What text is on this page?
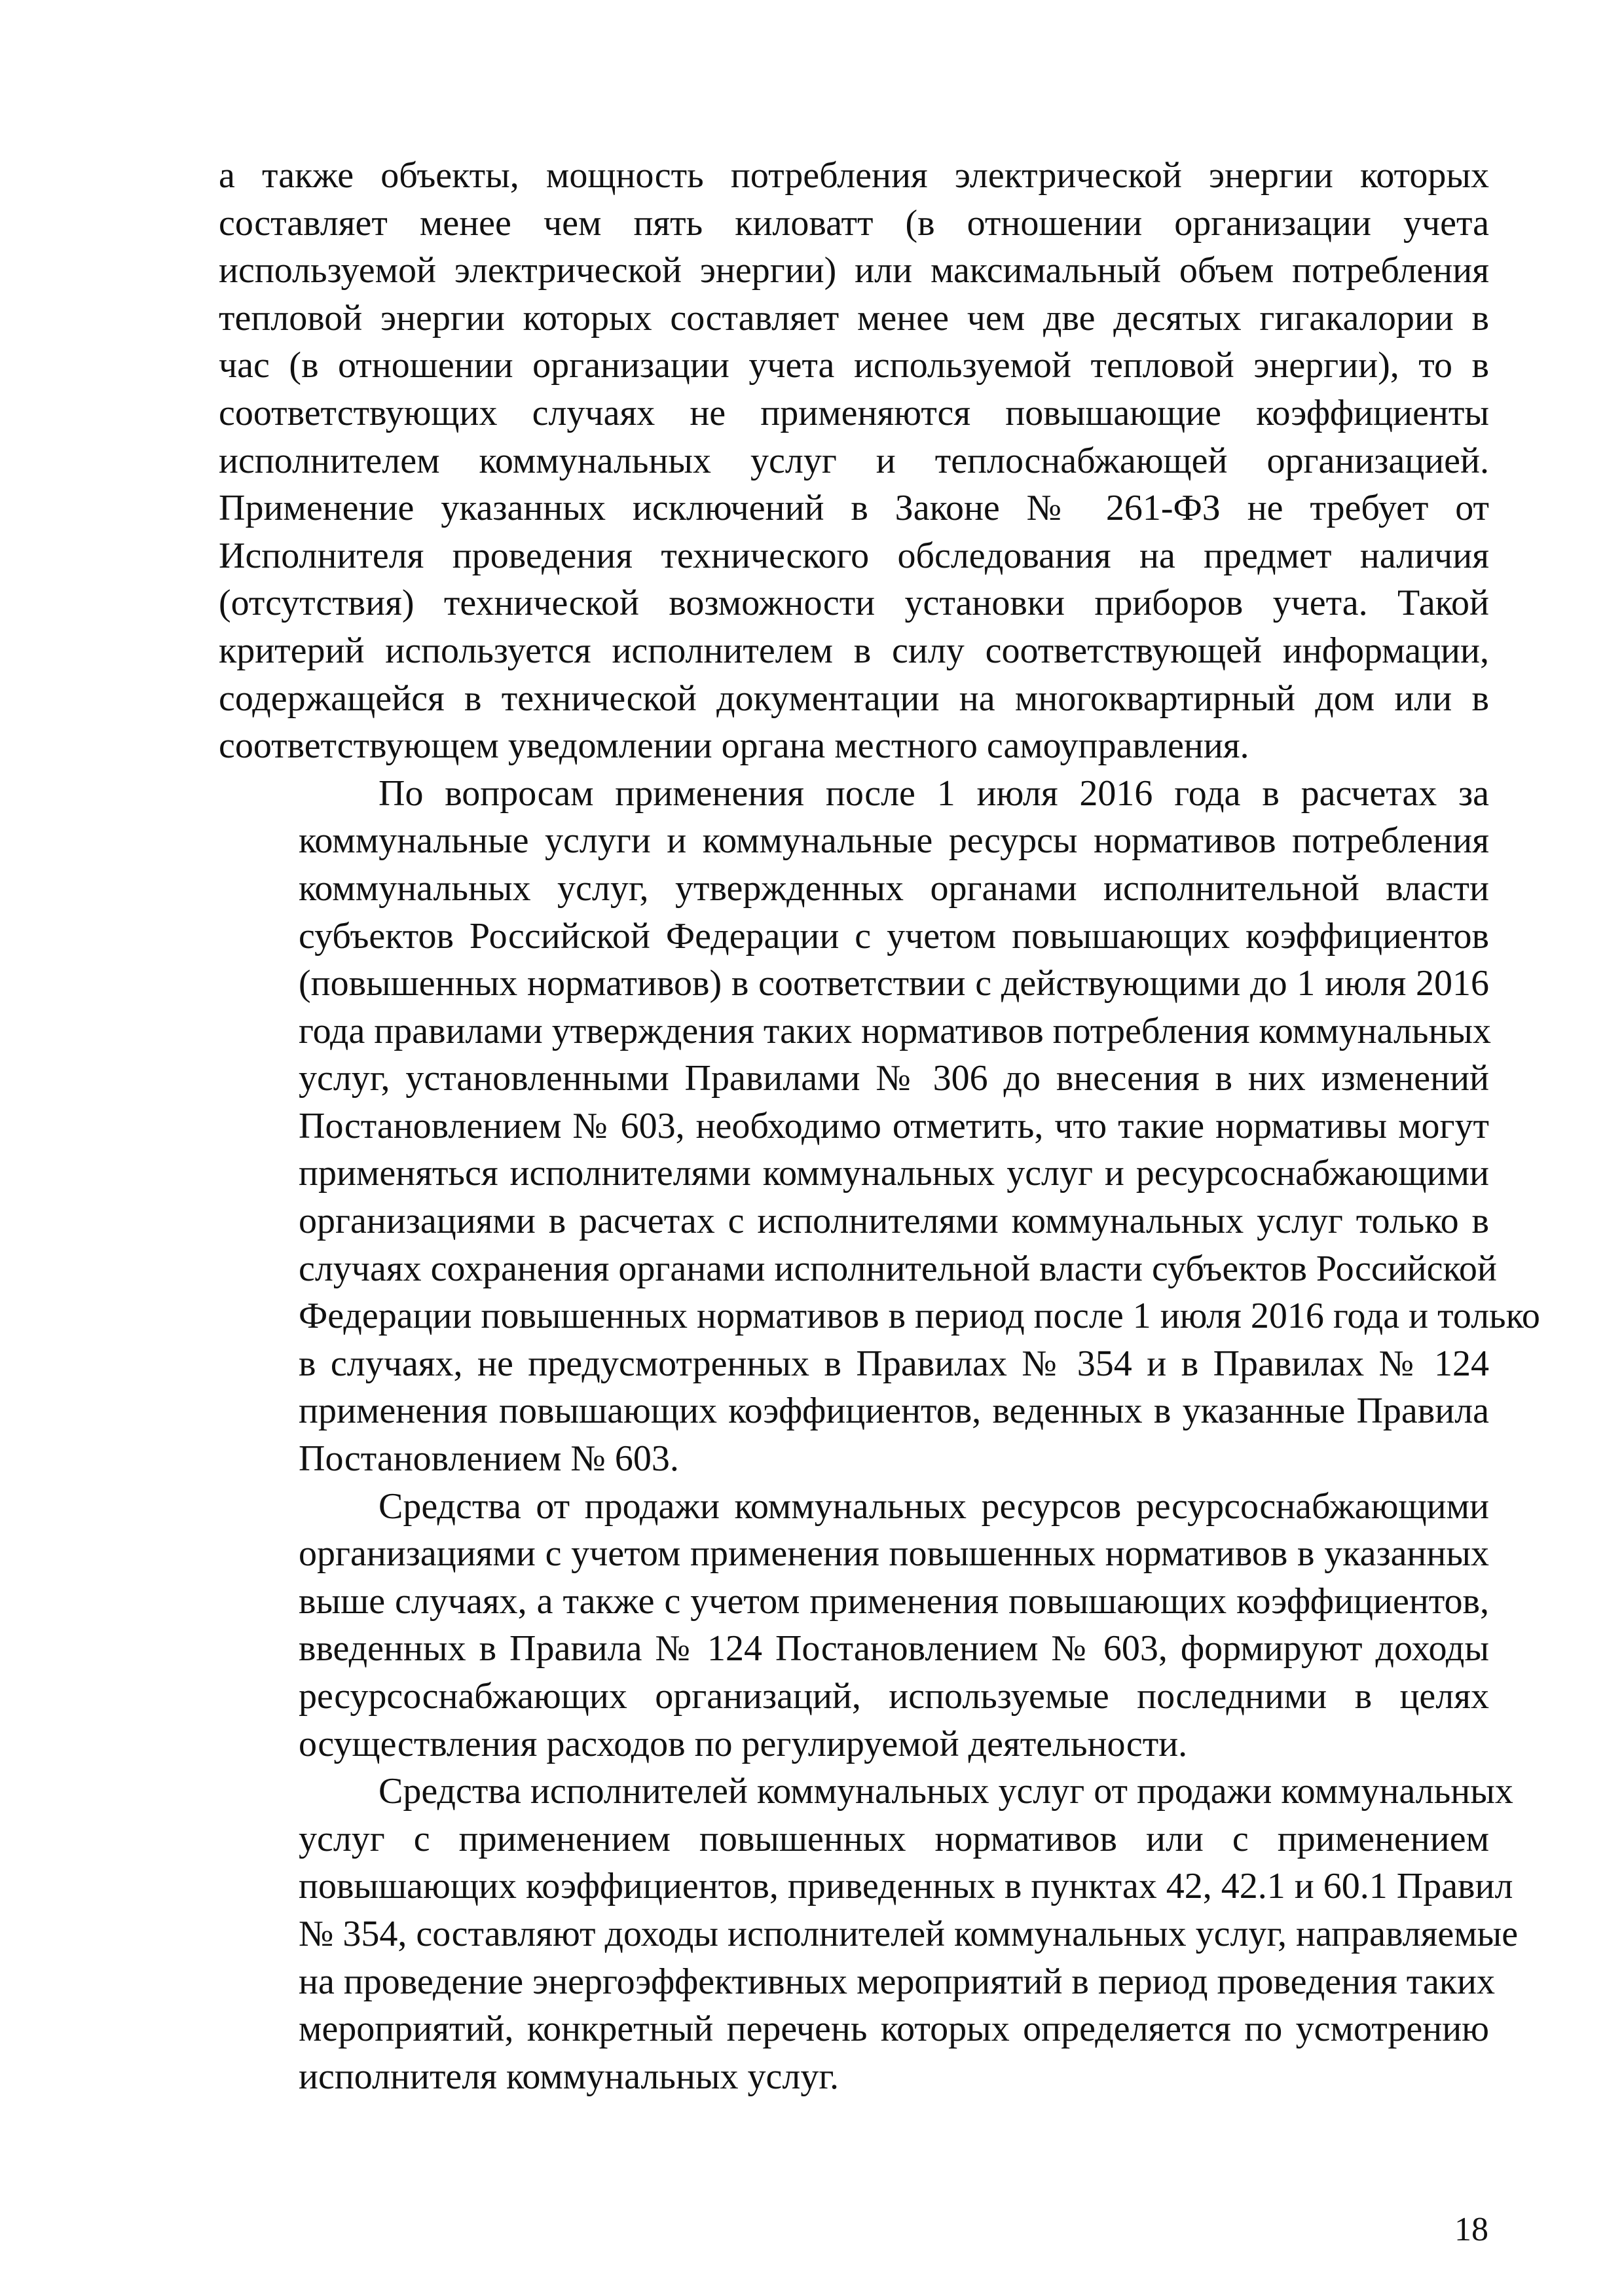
а также объекты, мощность потребления электрической энергии которых
составляет менее чем пять киловатт (в отношении организации учета
используемой электрической энергии) или максимальный объем потребления
тепловой энергии которых составляет менее чем две десятых гигакалории в
час (в отношении организации учета используемой тепловой энергии), то в
соответствующих случаях не применяются повышающие коэффициенты
исполнителем коммунальных услуг и теплоснабжающей организацией.
Применение указанных исключений в Законе № 261-ФЗ не требует от
Исполнителя проведения технического обследования на предмет наличия
(отсутствия) технической возможности установки приборов учета. Такой
критерий используется исполнителем в силу соответствующей информации,
содержащейся в технической документации на многоквартирный дом или в
соответствующем уведомлении органа местного самоуправления.
По вопросам применения после 1 июля 2016 года в расчетах за
коммунальные услуги и коммунальные ресурсы нормативов потребления
коммунальных услуг, утвержденных органами исполнительной власти
субъектов Российской Федерации с учетом повышающих коэффициентов
(повышенных нормативов) в соответствии с действующими до 1 июля 2016
года правилами утверждения таких нормативов потребления коммунальных
услуг, установленными Правилами № 306 до внесения в них изменений
Постановлением № 603, необходимо отметить, что такие нормативы могут
применяться исполнителями коммунальных услуг и ресурсоснабжающими
организациями в расчетах с исполнителями коммунальных услуг только в
случаях сохранения органами исполнительной власти субъектов Российской
Федерации повышенных нормативов в период после 1 июля 2016 года и только
в случаях, не предусмотренных в Правилах № 354 и в Правилах № 124
применения повышающих коэффициентов, веденных в указанные Правила
Постановлением № 603.
Средства от продажи коммунальных ресурсов ресурсоснабжающими
организациями с учетом применения повышенных нормативов в указанных
выше случаях, а также с учетом применения повышающих коэффициентов,
введенных в Правила № 124 Постановлением № 603, формируют доходы
ресурсоснабжающих организаций, используемые последними в целях
осуществления расходов по регулируемой деятельности.
Средства исполнителей коммунальных услуг от продажи коммунальных
услуг с применением повышенных нормативов или с применением
повышающих коэффициентов, приведенных в пунктах 42, 42.1 и 60.1 Правил
№ 354, составляют доходы исполнителей коммунальных услуг, направляемые
на проведение энергоэффективных мероприятий в период проведения таких
мероприятий, конкретный перечень которых определяется по усмотрению
исполнителя коммунальных услуг.
18
